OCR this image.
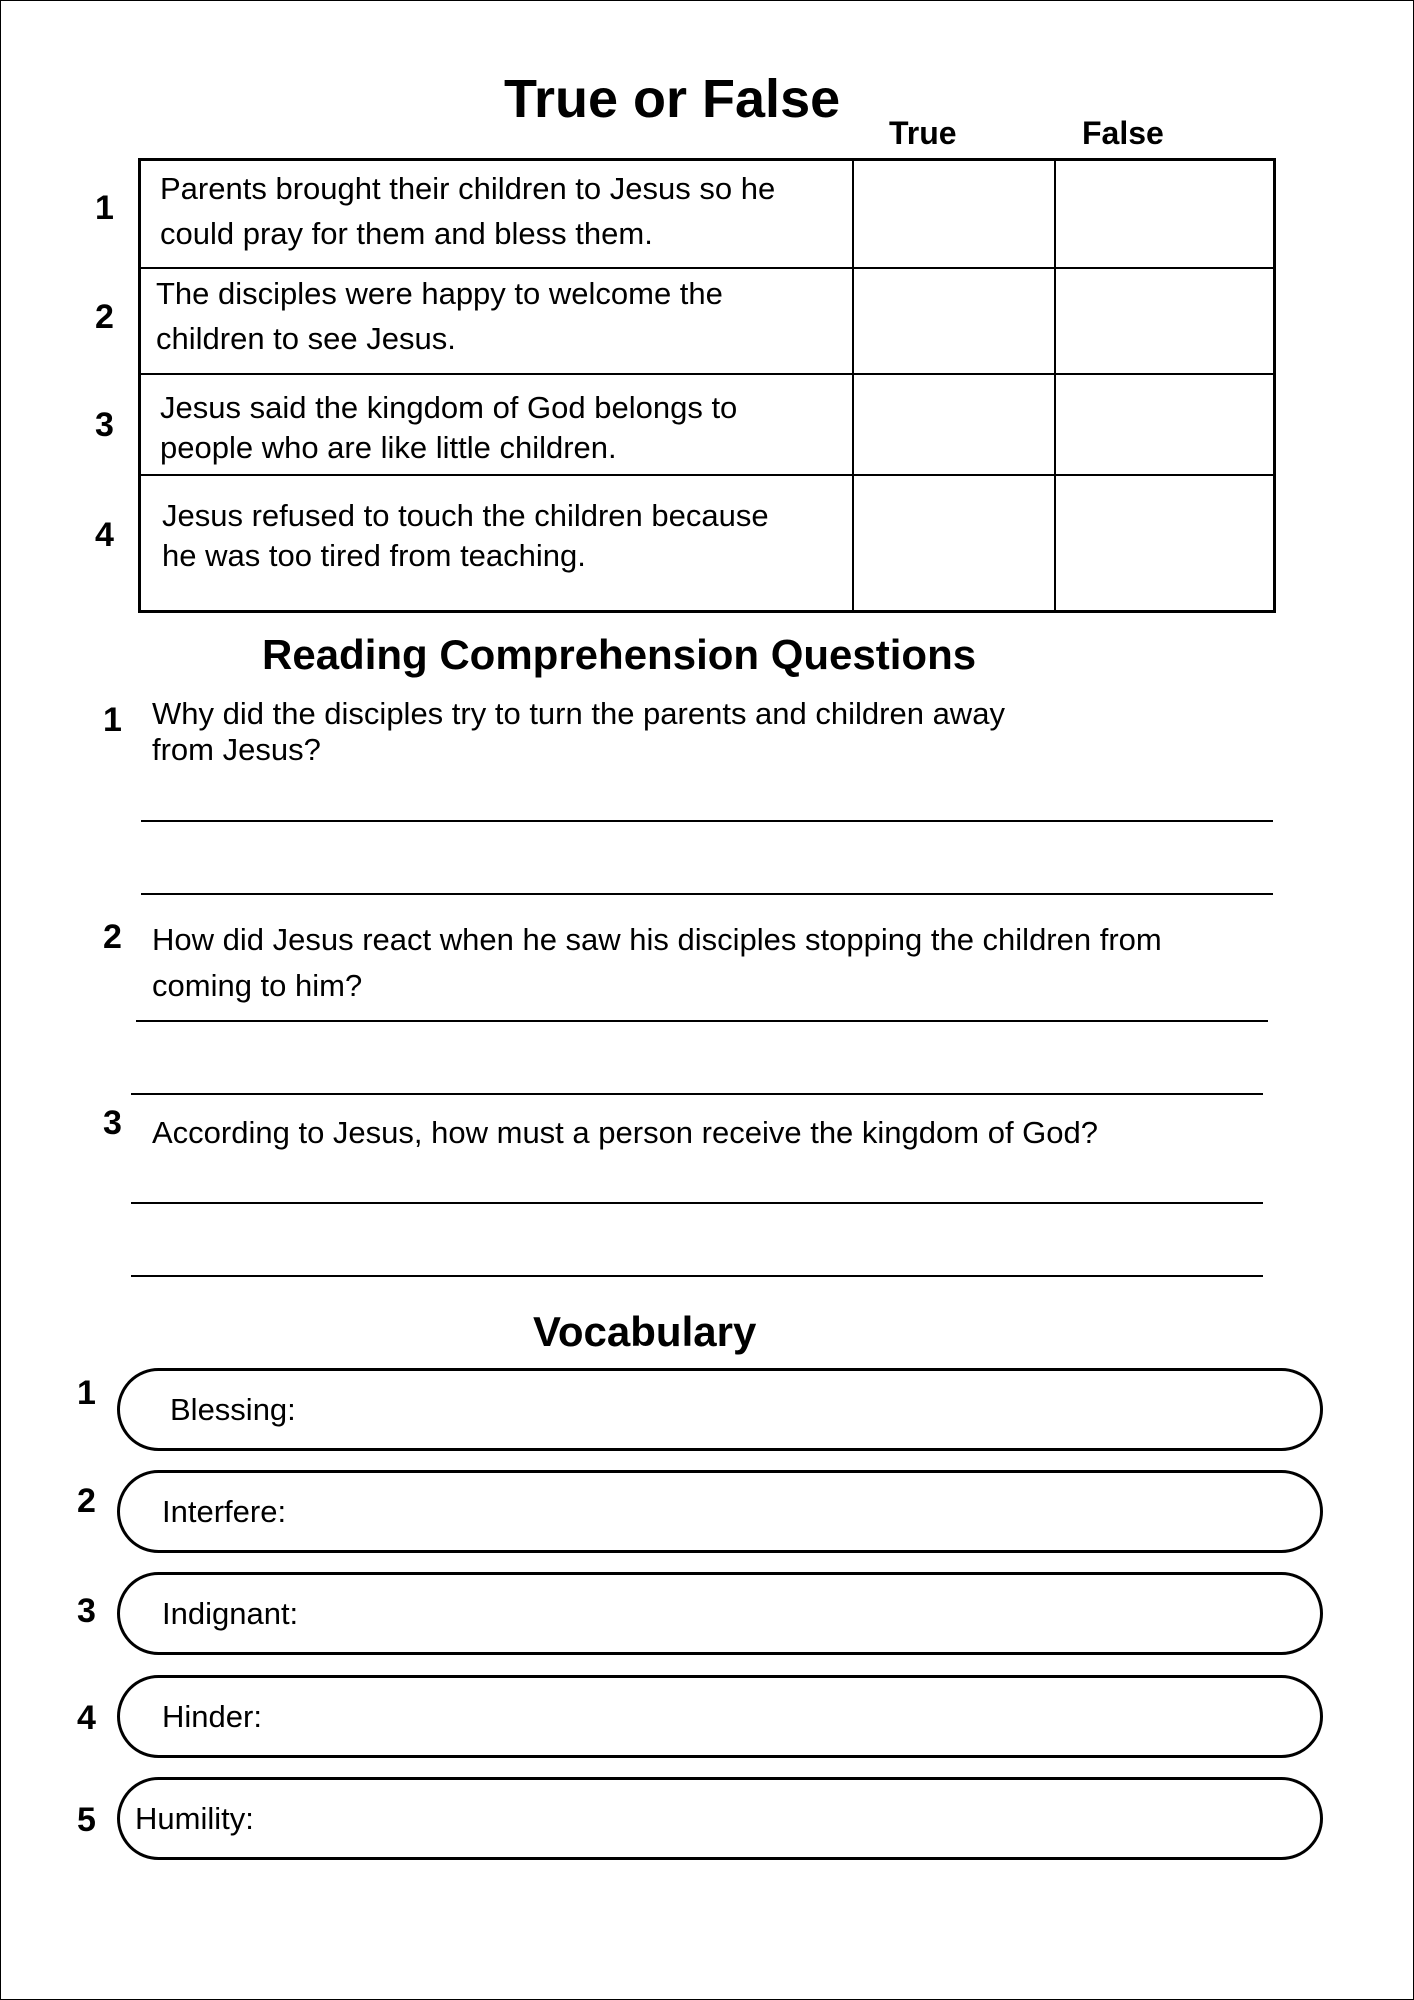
True or False
True	False
1
2
3
4
Parents brought their children to Jesus so he
could pray for them and bless them.
The disciples were happy to welcome the
children to see Jesus.
Jesus said the kingdom of God belongs to
people who are like little children.
Jesus refused to touch the children because
he was too tired from teaching.
Reading Comprehension Questions
1 Why did the disciples try to turn the parents and children away
from Jesus?
2 How did Jesus react when he saw his disciples stopping the children from
coming to him?
3 According to Jesus, how must a person receive the kingdom of God?
Vocabulary
1 Blessing:
2 Interfere:
3 Indignant:
4 Hinder:
5 Humility:
